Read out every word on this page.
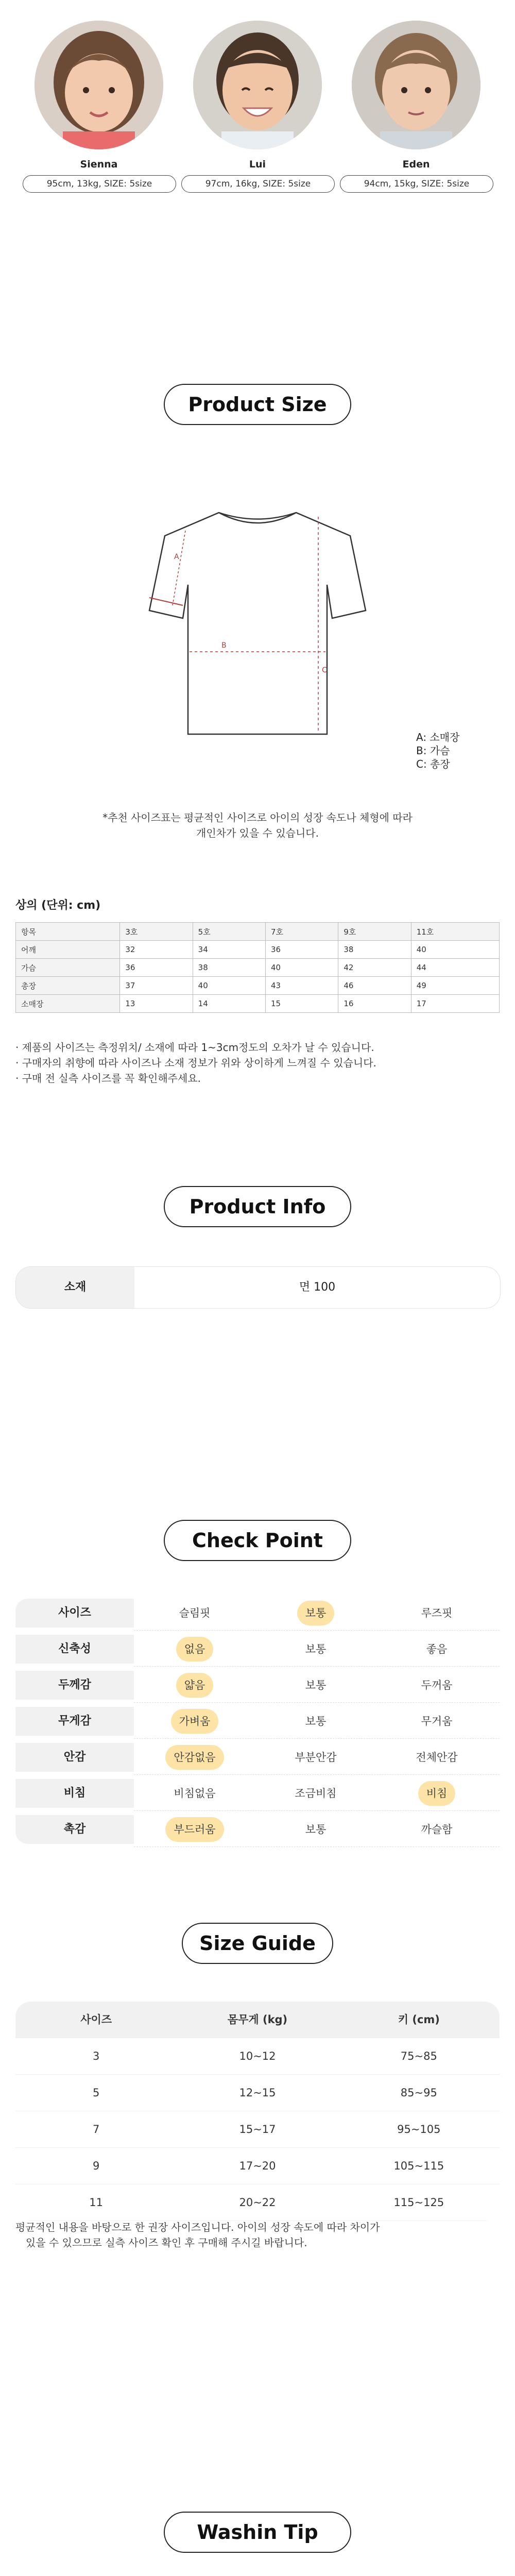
Sienna
95cm, 13kg, SIZE: 5size
Lui
97cm, 16kg, SIZE: 5size
Eden
94cm, 15kg, SIZE: 5size
Product Size
A
B
C
A: 소매장
B: 가슴
C: 총장
*추천 사이즈표는 평균적인 사이즈로 아이의 성장 속도나 체형에 따라
개인차가 있을 수 있습니다.
상의 (단위: cm)
항목	3호	5호	7호	9호	11호
어깨	32	34	36	38	40
가슴	36	38	40	42	44
총장	37	40	43	46	49
소매장	13	14	15	16	17
· 제품의 사이즈는 측정위치/ 소재에 따라 1~3cm정도의 오차가 날 수 있습니다.
· 구매자의 취향에 따라 사이즈나 소재 정보가 위와 상이하게 느껴질 수 있습니다.
· 구매 전 실측 사이즈를 꼭 확인해주세요.
Product Info
소재	면 100
Check Point
사이즈	슬림핏	보통	루즈핏
신축성	없음	보통	좋음
두께감	얇음	보통	두꺼움
무게감	가벼움	보통	무거움
안감	안감없음	부분안감	전체안감
비침	비침없음	조금비침	비침
촉감	부드러움	보통	까슬함
Size Guide
사이즈	몸무게 (kg)	키 (cm)
3	10~12	75~85
5	12~15	85~95
7	15~17	95~105
9	17~20	105~115
11	20~22	115~125
평균적인 내용을 바탕으로 한 권장 사이즈입니다. 아이의 성장 속도에 따라 차이가
있을 수 있으므로 실측 사이즈 확인 후 구매해 주시길 바랍니다.
Washin Tip
